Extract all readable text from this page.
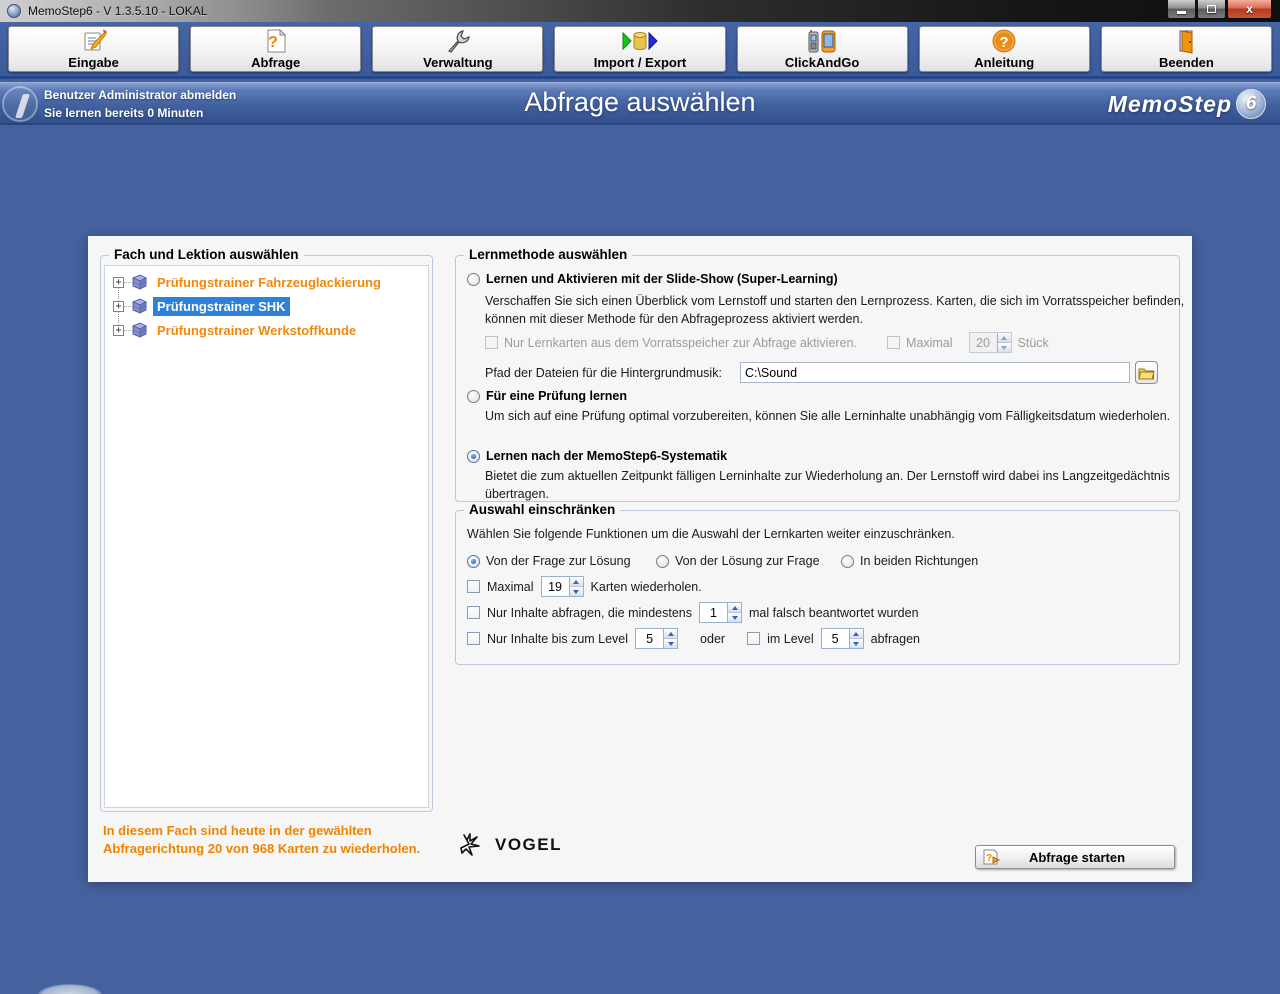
MemoStep6 - V 1.3.5.10 - LOKAL	x
Eingabe
?
Abfrage	Verwaltung	Import / Export	ClickAndGo
?
Anleitung	Beenden
Benutzer Administrator abmelden
Sie lernen bereits 0 Minuten	Abfrage auswählen	MemoStep 6
Fach und Lektion auswählen
+	Prüfungstrainer Fahrzeuglackierung
+	Prüfungstrainer SHK
+	Prüfungstrainer Werkstoffkunde
Lernmethode auswählen
Lernen und Aktivieren mit der Slide-Show (Super-Learning)
Verschaffen Sie sich einen Überblick vom Lernstoff und starten den Lernprozess. Karten, die sich im Vorratsspeicher befinden, können mit dieser Methode für den Abfrageprozess aktiviert werden.
Nur Lernkarten aus dem Vorratsspeicher zur Abfrage aktivieren.	Maximal	20	Stück
Pfad der Dateien für die Hintergrundmusik:
C:\Sound
Für eine Prüfung lernen
Um sich auf eine Prüfung optimal vorzubereiten, können Sie alle Lerninhalte unabhängig vom Fälligkeitsdatum wiederholen.
Lernen nach der MemoStep6-Systematik
Bietet die zum aktuellen Zeitpunkt fälligen Lerninhalte zur Wiederholung an. Der Lernstoff wird dabei ins Langzeitgedächtnis übertragen.
Auswahl einschränken
Wählen Sie folgende Funktionen um die Auswahl der Lernkarten weiter einzuschränken.
Von der Frage zur Lösung	Von der Lösung zur Frage	In beiden Richtungen
Maximal	19	Karten wiederholen.
Nur Inhalte abfragen, die mindestens	1	mal falsch beantwortet wurden
Nur Inhalte bis zum Level	5	oder	im Level	5	abfragen
In diesem Fach sind heute in der gewählten Abfragerichtung 20 von 968 Karten zu wiederholen.	VOGEL
?	Abfrage starten
